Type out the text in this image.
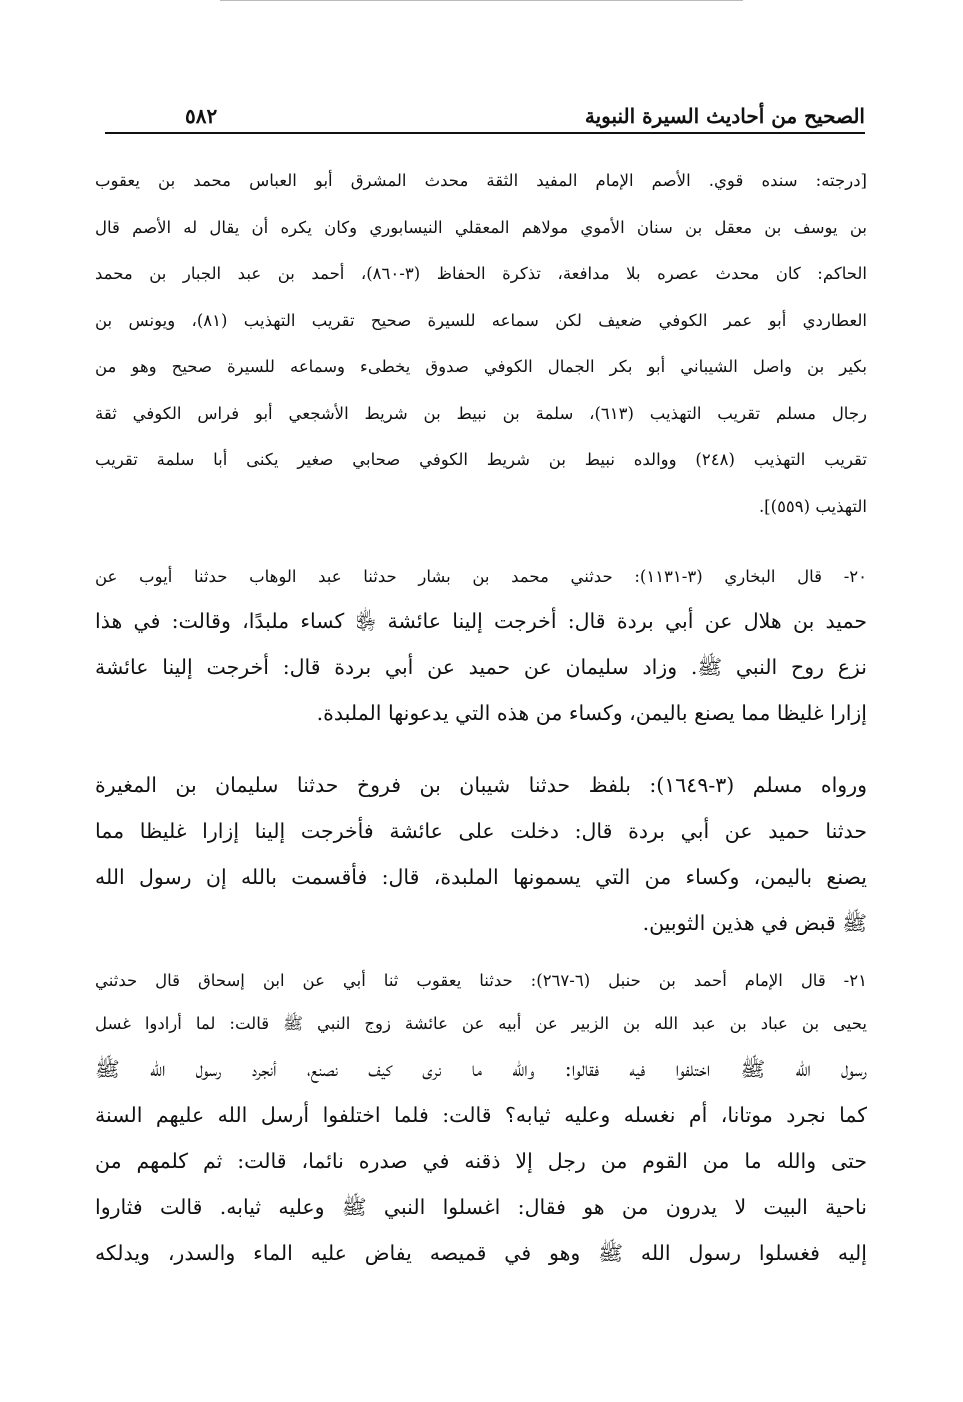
الصحيح من أحاديث السيرة النبوية
٥٨٢
[درجته: سنده قوي. الأصم الإمام المفيد الثقة محدث المشرق أبو العباس محمد بن يعقوب
بن يوسف بن معقل بن سنان الأموي مولاهم المعقلي النيسابوري وكان يكره أن يقال له الأصم قال
الحاكم: كان محدث عصره بلا مدافعة، تذكرة الحفاظ (٣-٨٦٠)، أحمد بن عبد الجبار بن محمد
العطاردي أبو عمر الكوفي ضعيف لكن سماعه للسيرة صحيح تقريب التهذيب (٨١)، ويونس بن
بكير بن واصل الشيباني أبو بكر الجمال الكوفي صدوق يخطىء وسماعه للسيرة صحيح وهو من
رجال مسلم تقريب التهذيب (٦١٣)، سلمة بن نبيط بن شريط الأشجعي أبو فراس الكوفي ثقة
تقريب التهذيب (٢٤٨) ووالده نبيط بن شريط الكوفي صحابي صغير يكنى أبا سلمة تقريب
التهذيب (٥٥٩)].
٢٠- قال البخاري (٣-١١٣١): حدثني محمد بن بشار حدثنا عبد الوهاب حدثنا أيوب عن
حميد بن هلال عن أبي بردة قال: أخرجت إلينا عائشة ﵂ كساء ملبدًا، وقالت: في هذا
نزع روح النبي ﷺ. وزاد سليمان عن حميد عن أبي بردة قال: أخرجت إلينا عائشة
إزارا غليظا مما يصنع باليمن، وكساء من هذه التي يدعونها الملبدة.
ورواه مسلم (٣-١٦٤٩): بلفظ حدثنا شيبان بن فروخ حدثنا سليمان بن المغيرة
حدثنا حميد عن أبي بردة قال: دخلت على عائشة فأخرجت إلينا إزارا غليظا مما
يصنع باليمن، وكساء من التي يسمونها الملبدة، قال: فأقسمت بالله إن رسول الله
ﷺ قبض في هذين الثوبين.
٢١- قال الإمام أحمد بن حنبل (٦-٢٦٧): حدثنا يعقوب ثنا أبي عن ابن إسحاق قال حدثني
يحيى بن عباد بن عبد الله بن الزبير عن أبيه عن عائشة زوج النبي ﷺ قالت: لما أرادوا غسل
رسول الله ﷺ اختلفوا فيه فقالوا: والله ما نرى كيف نصنع، أنجرد رسول الله ﷺ
كما نجرد موتانا، أم نغسله وعليه ثيابه؟ قالت: فلما اختلفوا أرسل الله عليهم السنة
حتى والله ما من القوم من رجل إلا ذقنه في صدره نائما، قالت: ثم كلمهم من
ناحية البيت لا يدرون من هو فقال: اغسلوا النبي ﷺ وعليه ثيابه. قالت فثاروا
إليه فغسلوا رسول الله ﷺ وهو في قميصه يفاض عليه الماء والسدر، ويدلكه
